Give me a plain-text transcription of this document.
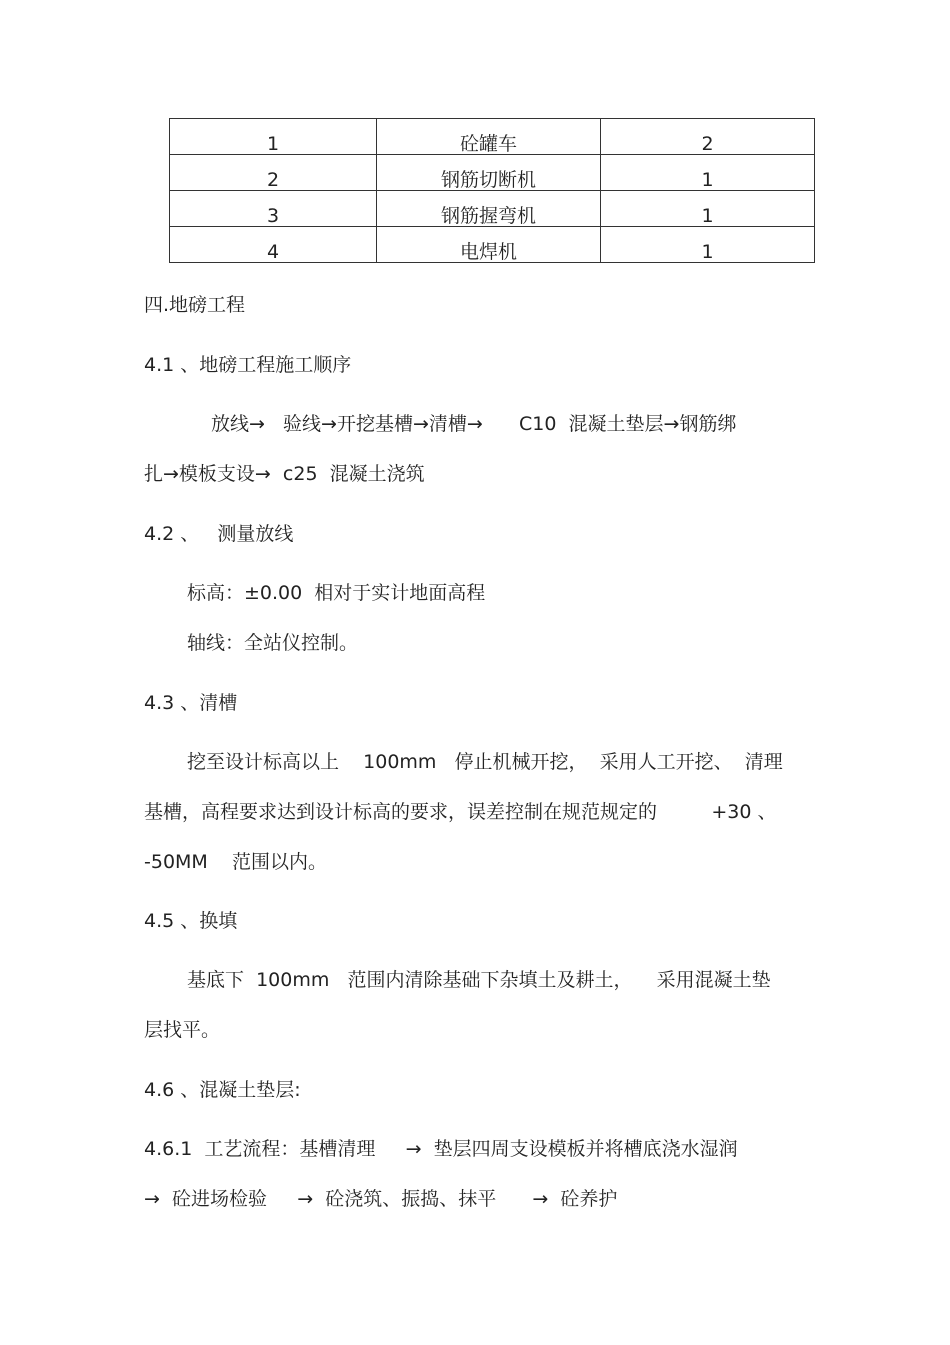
1	砼罐车	2
2	钢筋切断机	1
3	钢筋握弯机	1
4	电焊机	1
四.地磅工程
4.1 、地磅工程施工顺序
放线→   验线→开挖基槽→清槽→      C10  混凝土垫层→钢筋绑
扎→模板支设→  c25  混凝土浇筑
4.2 、   测量放线
标高：±0.00  相对于实计地面高程
轴线：全站仪控制。
4.3 、清槽
挖至设计标高以上    100mm   停止机械开挖，  采用人工开挖、  清理
基槽，高程要求达到设计标高的要求，误差控制在规范规定的         +30 、
-50MM    范围以内。
4.5 、换填
基底下  100mm   范围内清除基础下杂填土及耕土，    采用混凝土垫
层找平。
4.6 、混凝土垫层:
4.6.1  工艺流程：基槽清理     →  垫层四周支设模板并将槽底浇水湿润
→  砼进场检验     →  砼浇筑、振捣、抹平      →  砼养护
